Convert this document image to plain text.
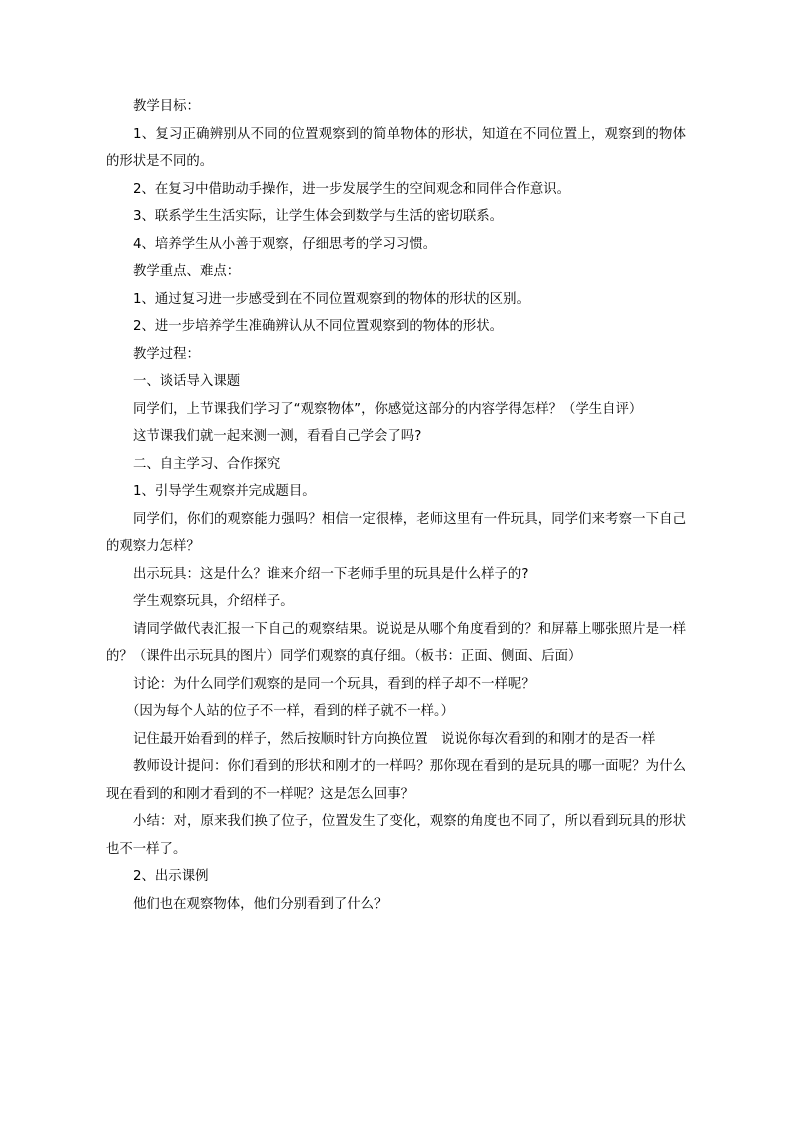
教学目标：

1、复习正确辨别从不同的位置观察到的简单物体的形状，知道在不同位置上，观察到的物体的形状是不同的。

2、在复习中借助动手操作，进一步发展学生的空间观念和同伴合作意识。

3、联系学生生活实际，让学生体会到数学与生活的密切联系。

4、培养学生从小善于观察，仔细思考的学习习惯。

教学重点、难点：

1、通过复习进一步感受到在不同位置观察到的物体的形状的区别。

2、进一步培养学生准确辨认从不同位置观察到的物体的形状。

教学过程：

一、谈话导入课题

同学们，上节课我们学习了“观察物体”，你感觉这部分的内容学得怎样？（学生自评）

这节课我们就一起来测一测，看看自己学会了吗?

二、自主学习、合作探究

1、引导学生观察并完成题目。

同学们，你们的观察能力强吗？相信一定很棒，老师这里有一件玩具，同学们来考察一下自己的观察力怎样？

出示玩具：这是什么？谁来介绍一下老师手里的玩具是什么样子的?

学生观察玩具，介绍样子。

请同学做代表汇报一下自己的观察结果。说说是从哪个角度看到的？和屏幕上哪张照片是一样的？（课件出示玩具的图片）同学们观察的真仔细。（板书：正面、侧面、后面）

讨论：为什么同学们观察的是同一个玩具，看到的样子却不一样呢？

（因为每个人站的位子不一样，看到的样子就不一样。）

记住最开始看到的样子，然后按顺时针方向换位置　说说你每次看到的和刚才的是否一样

教师设计提问：你们看到的形状和刚才的一样吗？那你现在看到的是玩具的哪一面呢？为什么现在看到的和刚才看到的不一样呢？这是怎么回事？

小结：对，原来我们换了位子，位置发生了变化，观察的角度也不同了，所以看到玩具的形状也不一样了。

2、出示课例

他们也在观察物体，他们分别看到了什么？
